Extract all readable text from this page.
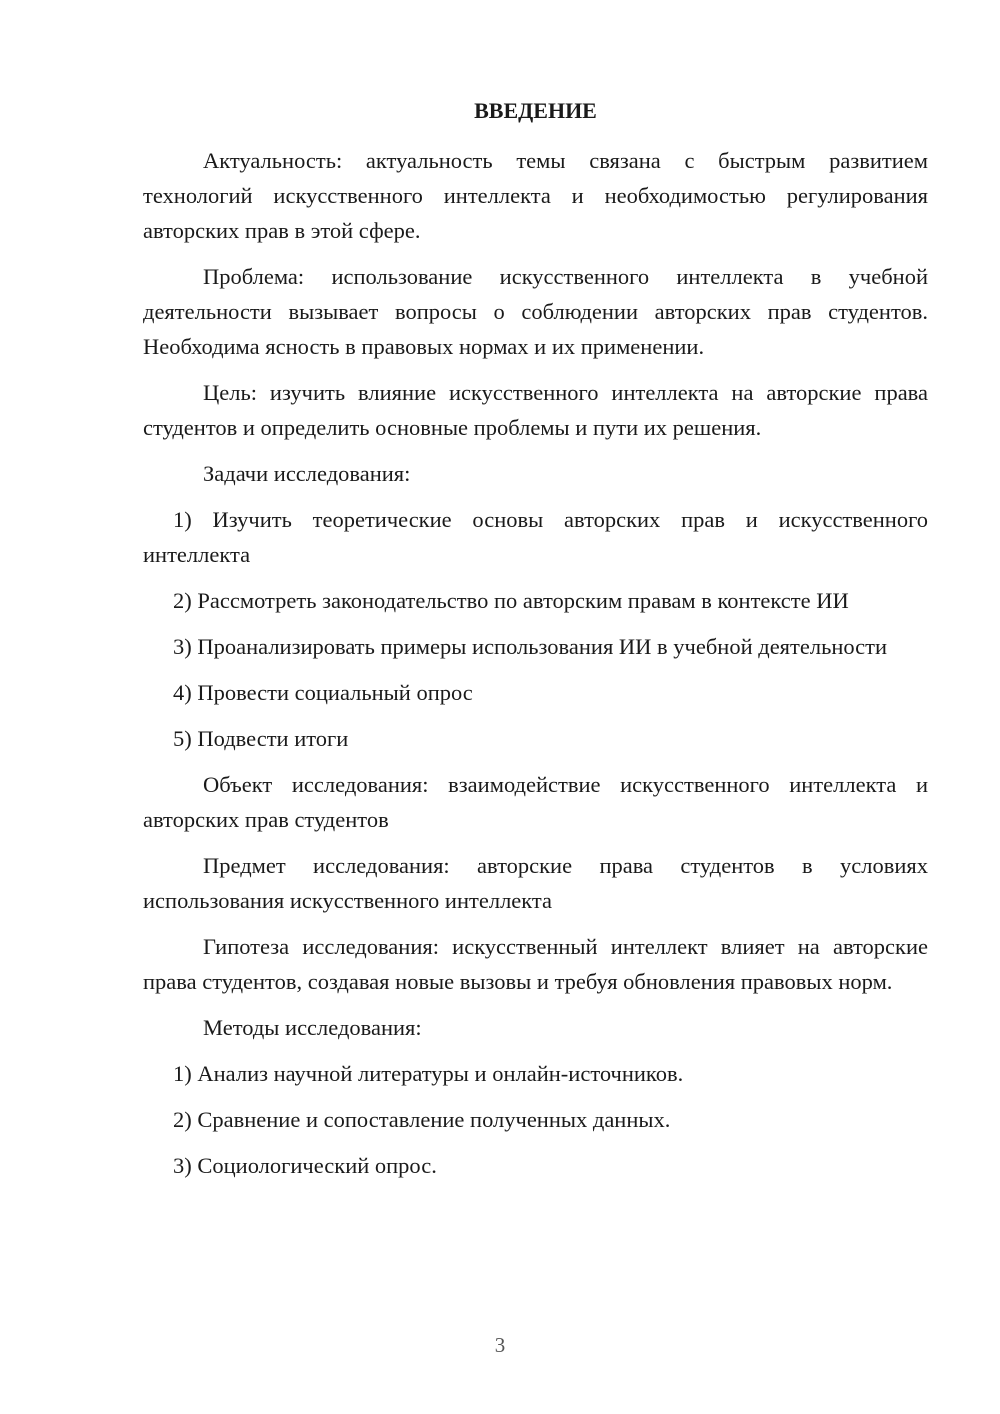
ВВЕДЕНИЕ

Актуальность: актуальность темы связана с быстрым развитием технологий искусственного интеллекта и необходимостью регулирования авторских прав в этой сфере.

Проблема: использование искусственного интеллекта в учебной деятельности вызывает вопросы о соблюдении авторских прав студентов. Необходима ясность в правовых нормах и их применении.

Цель: изучить влияние искусственного интеллекта на авторские права студентов и определить основные проблемы и пути их решения.

Задачи исследования:

1) Изучить теоретические основы авторских прав и искусственного интеллекта

2) Рассмотреть законодательство по авторским правам в контексте ИИ

3) Проанализировать примеры использования ИИ в учебной деятельности

4) Провести социальный опрос

5) Подвести итоги

Объект исследования: взаимодействие искусственного интеллекта и авторских прав студентов

Предмет исследования: авторские права студентов в условиях использования искусственного интеллекта

Гипотеза исследования: искусственный интеллект влияет на авторские права студентов, создавая новые вызовы и требуя обновления правовых норм.

Методы исследования:

1) Анализ научной литературы и онлайн-источников.

2) Сравнение и сопоставление полученных данных.

3) Социологический опрос.

3
